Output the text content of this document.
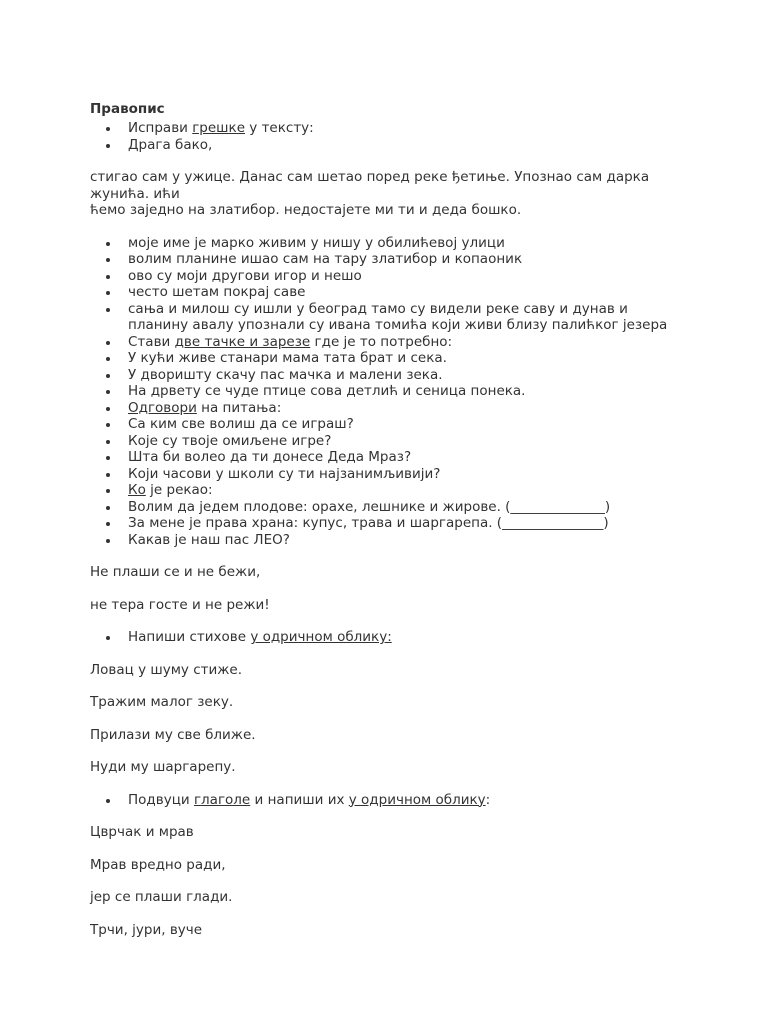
Правопис

Исправи грешке у тексту:
Драга бако,

стигао сам у ужице. Данас сам шетао поред реке ђетиње. Упознао сам дарка жунића. ићи

ћемо заједно на златибор. недостајете ми ти и деда бошко.

моје име је марко живим у нишу у обилићевој улици
волим планине ишао сам на тару златибор и копаоник
ово су моји другови игор и нешо
често шетам покрај саве
сања и милош су ишли у београд тамо су видели реке саву и дунав и планину авалу упознали су ивана томића који живи близу палићког језера
Стави две тачке и зарезе где је то потребно:
У кући живе станари мама тата брат и сека.
У дворишту скачу пас мачка и малени зека.
На дрвету се чуде птице сова детлић и сеница понека.
Одговори на питања:
Са ким све волиш да се играш?
Које су твоје омиљене игре?
Шта би волео да ти донесе Деда Мраз?
Који часови у школи су ти најзанимљивији?
Ко је рекао:
Волим да једем плодове: орахе, лешнике и жирове. (______________)
За мене је права храна: купус, трава и шаргарепа. (_______________)
Какав је наш пас ЛЕО?

Не плаши се и не бежи,

не тера госте и не режи!

Напиши стихове у одричном облику:

Ловац у шуму стиже.

Тражим малог зеку.

Прилази му све ближе.

Нуди му шаргарепу.

Подвуци глаголе и напиши их у одричном облику:

Цврчак и мрав

Мрав вредно ради,

јер се плаши глади.

Трчи, јури, вуче
